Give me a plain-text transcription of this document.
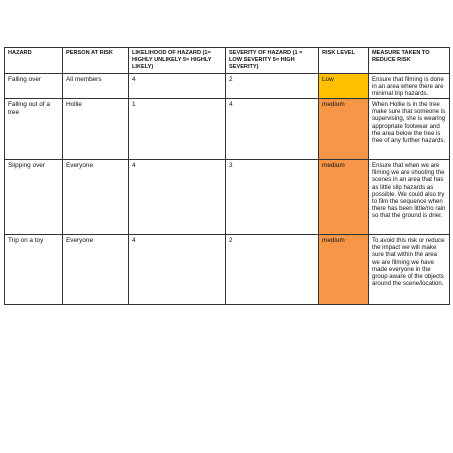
HAZARD	PERSON AT RISK	LIKELIHOOD OF HAZARD (1= HIGHLY UNLIKELY 5= HIGHLY LIKELY)	SEVERITY OF HAZARD (1 = LOW SEVERITY 5= HIGH SEVERITY)	RISK LEVEL	MEASURE TAKEN TO REDUCE RISK
Falling over	All members	4	2	Low	Ensure that filming is done in an area where there are minimal trip hazards.
Falling out of a tree	Hollie	1	4	medium	When Hollie is in the tree make sure that someone is supervising, she is wearing appropriate footwear and the area below the tree is free of any further hazards.
Slipping over	Everyone	4	3	medium	Ensure that when we are filming we are shooting the scenes in an area that has as little slip hazards as possible. We could also try to film the sequence when there has been little/no rain so that the ground is drier.
Trip on a toy	Everyone	4	2	medium	To avoid this risk or reduce the impact we will make sure that within the area we are filming we have made everyone in the group aware of the objects around the scene/location.
